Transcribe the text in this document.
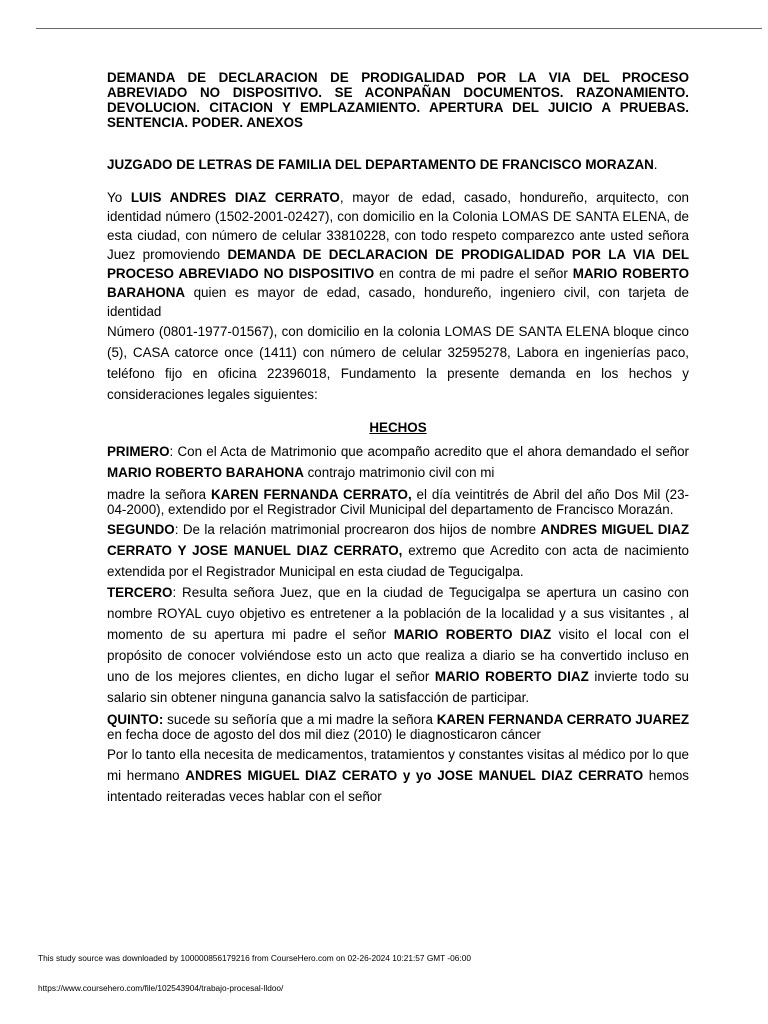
DEMANDA DE DECLARACION DE PRODIGALIDAD POR LA VIA DEL PROCESO ABREVIADO NO DISPOSITIVO. SE ACONPAÑAN DOCUMENTOS. RAZONAMIENTO. DEVOLUCION. CITACION Y EMPLAZAMIENTO. APERTURA DEL JUICIO A PRUEBAS. SENTENCIA. PODER. ANEXOS

JUZGADO DE LETRAS DE FAMILIA DEL DEPARTAMENTO DE FRANCISCO MORAZAN.

Yo LUIS ANDRES DIAZ CERRATO, mayor de edad, casado, hondureño, arquitecto, con identidad número (1502-2001-02427), con domicilio en la Colonia LOMAS DE SANTA ELENA, de esta ciudad, con número de celular 33810228, con todo respeto comparezco ante usted señora Juez promoviendo DEMANDA DE DECLARACION DE PRODIGALIDAD POR LA VIA DEL PROCESO ABREVIADO NO DISPOSITIVO en contra de mi padre el señor MARIO ROBERTO BARAHONA quien es mayor de edad, casado, hondureño, ingeniero civil, con tarjeta de identidad

Número (0801-1977-01567), con domicilio en la colonia LOMAS DE SANTA ELENA bloque cinco (5), CASA catorce once (1411) con número de celular 32595278, Labora en ingenierías paco, teléfono fijo en oficina 22396018, Fundamento la presente demanda en los hechos y consideraciones legales siguientes:

HECHOS

PRIMERO: Con el Acta de Matrimonio que acompaño acredito que el ahora demandado el señor MARIO ROBERTO BARAHONA contrajo matrimonio civil con mi

madre la señora KAREN FERNANDA CERRATO, el día veintitrés de Abril del año Dos Mil (23-04-2000), extendido por el Registrador Civil Municipal del departamento de Francisco Morazán.

SEGUNDO: De la relación matrimonial procrearon dos hijos de nombre ANDRES MIGUEL DIAZ CERRATO Y JOSE MANUEL DIAZ CERRATO, extremo que Acredito con acta de nacimiento extendida por el Registrador Municipal en esta ciudad de Tegucigalpa.

TERCERO: Resulta señora Juez, que en la ciudad de Tegucigalpa se apertura un casino con nombre ROYAL cuyo objetivo es entretener a la población de la localidad y a sus visitantes , al momento de su apertura mi padre el señor MARIO ROBERTO DIAZ visito el local con el propósito de conocer volviéndose esto un acto que realiza a diario se ha convertido incluso en uno de los mejores clientes, en dicho lugar el señor MARIO ROBERTO DIAZ invierte todo su salario sin obtener ninguna ganancia salvo la satisfacción de participar.

QUINTO: sucede su señoría que a mi madre la señora KAREN FERNANDA CERRATO JUAREZ en fecha doce de agosto del dos mil diez (2010) le diagnosticaron cáncer

Por lo tanto ella necesita de medicamentos, tratamientos y constantes visitas al médico por lo que mi hermano ANDRES MIGUEL DIAZ CERATO y yo JOSE MANUEL DIAZ CERRATO hemos intentado reiteradas veces hablar con el señor

This study source was downloaded by 100000856179216 from CourseHero.com on 02-26-2024 10:21:57 GMT -06:00
https://www.coursehero.com/file/102543904/trabajo-procesal-lldoo/
